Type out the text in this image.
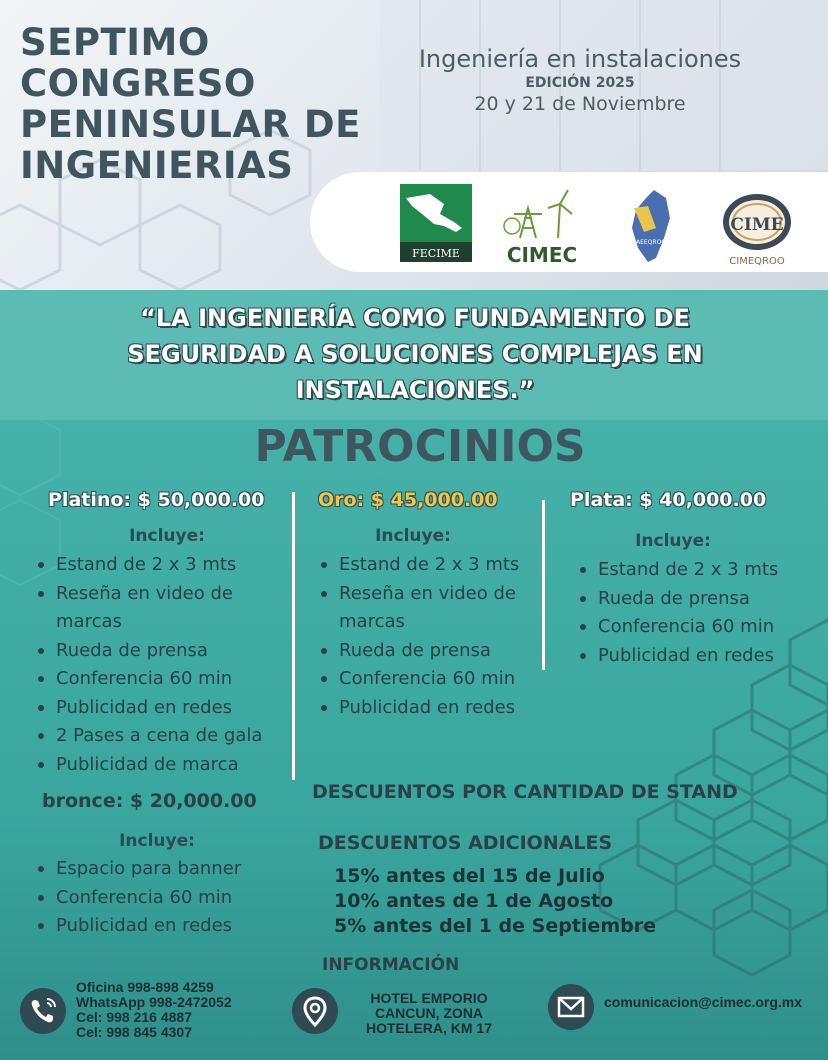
SEPTIMO
CONGRESO
PENINSULAR DE
INGENIERIAS
Ingeniería en instalaciones
EDICIÓN 2025
20 y 21 de Noviembre
FECIME CIMEC
AEEQROO
CIME
CIMEQROO
“LA INGENIERÍA COMO FUNDAMENTO DE
SEGURIDAD A SOLUCIONES COMPLEJAS EN
INSTALACIONES.”
PATROCINIOS
Platino: $ 50,000.00
Incluye:
Estand de 2 x 3 mts
Reseña en video de
marcas
Rueda de prensa
Conferencia 60 min
Publicidad en redes
2 Pases a cena de gala
Publicidad de marca
Oro: $ 45,000.00
Incluye:
Estand de 2 x 3 mts
Reseña en video de
marcas
Rueda de prensa
Conferencia 60 min
Publicidad en redes
Plata: $ 40,000.00
Incluye:
Estand de 2 x 3 mts
Rueda de prensa
Conferencia 60 min
Publicidad en redes
bronce: $ 20,000.00
Incluye:
Espacio para banner
Conferencia 60 min
Publicidad en redes
DESCUENTOS POR CANTIDAD DE STAND
DESCUENTOS ADICIONALES
15% antes del 15 de Julio
10% antes de 1 de Agosto
5% antes del 1 de Septiembre
INFORMACIÓN
Oficina 998-898 4259
WhatsApp 998-2472052
Cel: 998 216 4887
Cel: 998 845 4307
HOTEL EMPORIO
CANCUN, ZONA
HOTELERA, KM 17
comunicacion@cimec.org.mx
